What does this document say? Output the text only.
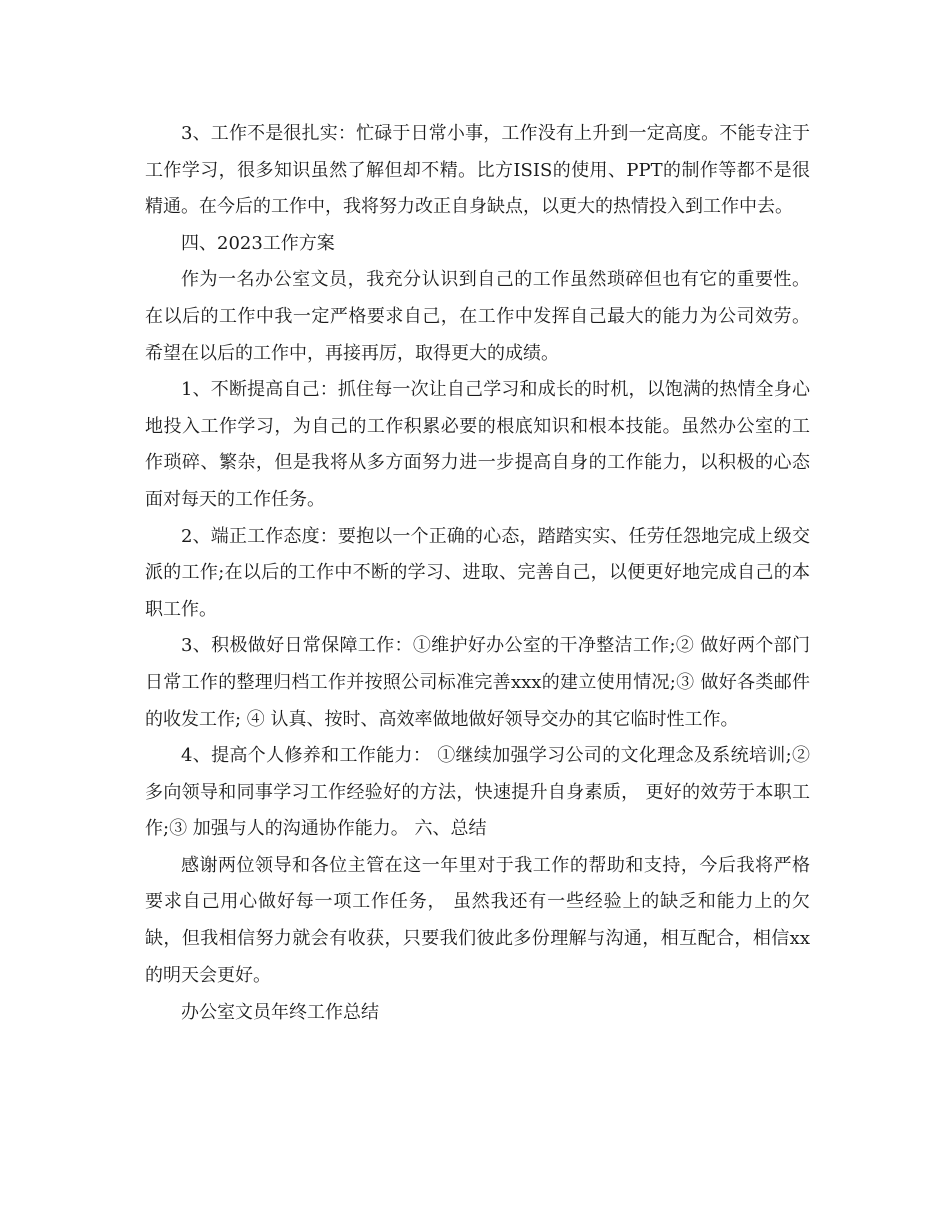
3、工作不是很扎实：忙碌于日常小事，工作没有上升到一定高度。不能专注于工作学习，很多知识虽然了解但却不精。比方ISIS的使用、PPT的制作等都不是很精通。在今后的工作中，我将努力改正自身缺点，以更大的热情投入到工作中去。

四、2023工作方案

作为一名办公室文员，我充分认识到自己的工作虽然琐碎但也有它的重要性。在以后的工作中我一定严格要求自己，在工作中发挥自己最大的能力为公司效劳。希望在以后的工作中，再接再厉，取得更大的成绩。

1、不断提高自己：抓住每一次让自己学习和成长的时机，以饱满的热情全身心地投入工作学习，为自己的工作积累必要的根底知识和根本技能。虽然办公室的工作琐碎、繁杂，但是我将从多方面努力进一步提高自身的工作能力，以积极的心态面对每天的工作任务。

2、端正工作态度：要抱以一个正确的心态，踏踏实实、任劳任怨地完成上级交派的工作;在以后的工作中不断的学习、进取、完善自己，以便更好地完成自己的本职工作。

3、积极做好日常保障工作：①维护好办公室的干净整洁工作;② 做好两个部门日常工作的整理归档工作并按照公司标准完善xxx的建立使用情况;③ 做好各类邮件的收发工作; ④ 认真、按时、高效率做地做好领导交办的其它临时性工作。

4、提高个人修养和工作能力： ①继续加强学习公司的文化理念及系统培训;② 多向领导和同事学习工作经验好的方法，快速提升自身素质， 更好的效劳于本职工作;③ 加强与人的沟通协作能力。 六、总结

感谢两位领导和各位主管在这一年里对于我工作的帮助和支持，今后我将严格要求自己用心做好每一项工作任务， 虽然我还有一些经验上的缺乏和能力上的欠缺，但我相信努力就会有收获，只要我们彼此多份理解与沟通，相互配合，相信xx的明天会更好。

办公室文员年终工作总结
